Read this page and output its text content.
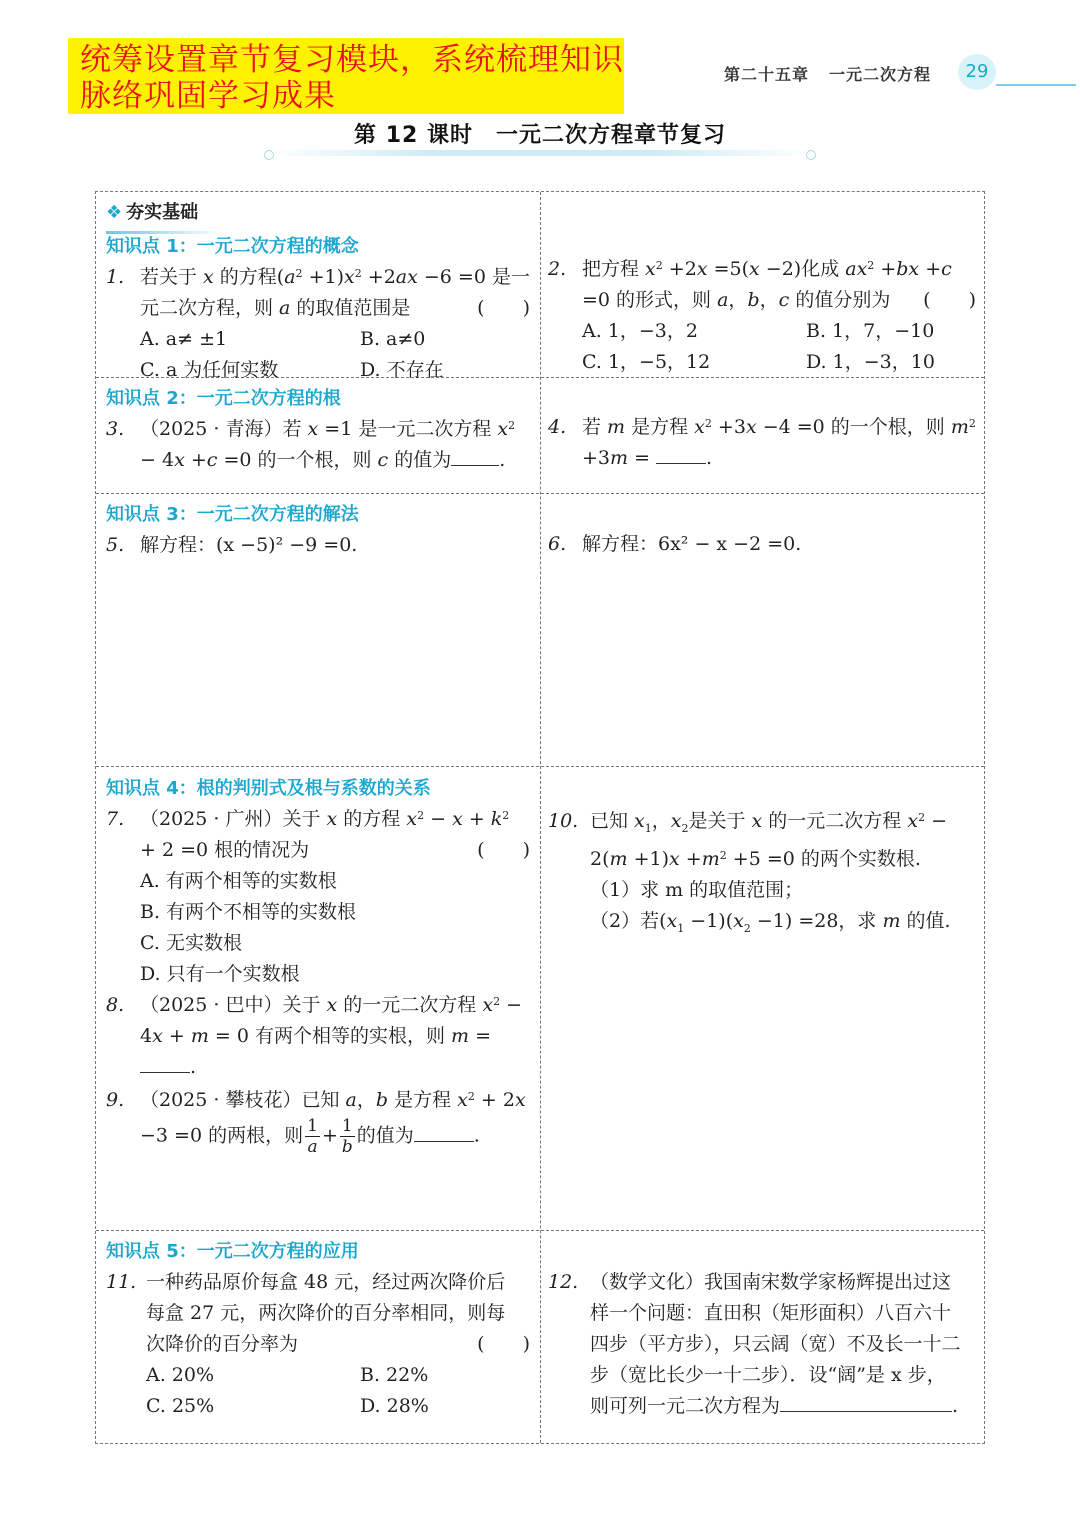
统筹设置章节复习模块，系统梳理知识
脉络巩固学习成果
第二十五章 一元二次方程	29
第 12 课时　一元二次方程章节复习
❖ 夯实基础
知识点 1：一元二次方程的概念
1. 若关于 x 的方程$(a^2 +1)x^2 +2ax -6 =0$ 是一元二次方程，则 a 的取值范围是	(　　)
A. a≠ ±1	B. a≠0
C. a 为任何实数	D. 不存在
2. 把方程 $x^2 +2x =5(x -2)$化成 $ax^2 +bx +c =0$ 的形式，则 a，b，c 的值分别为 (　　)
A. 1，−3，2	B. 1，7，−10
C. 1，−5，12	D. 1，−3，10
知识点 2：一元二次方程的根
3. （2025 · 青海）若 x =1 是一元二次方程 $x^2 - 4x +c =0$ 的一个根，则 c 的值为	.
4. 若 m 是方程 $x^2 +3x -4 =0$ 的一个根，则 $m^2 +3m$ =	.
知识点 3：一元二次方程的解法
5. 解方程：(x −5)² −9 =0.	6. 解方程：6x² − x −2 =0.
知识点 4：根的判别式及根与系数的关系
7. （2025 · 广州）关于 x 的方程 $x^2 - x + k^2 + 2 =0$ 根的情况为	(　　)
A. 有两个相等的实数根
B. 有两个不相等的实数根
C. 无实数根
D. 只有一个实数根
8. （2025 · 巴中）关于 x 的一元二次方程 $x^2 - 4x + m = 0$ 有两个相等的实根，则 m = .
9. （2025 · 攀枝花）已知 a，b 是方程 $x^2 + 2x -3 =0$ 的两根，则 $\frac{1}{a} + \frac{1}{b}$ 的值为	.
10. 已知 $x_1$，$x_2$是关于 x 的一元二次方程 $x^2 - 2(m +1)x +m^2 +5 =0$ 的两个实数根.
（1）求 m 的取值范围；
（2）若$(x_1 -1)(x_2 -1) =28$，求 m 的值.
知识点 5：一元二次方程的应用
11. 一种药品原价每盒 48 元，经过两次降价后
每盒 27 元，两次降价的百分率相同，则每
次降价的百分率为	(　　)
A. 20%	B. 22%
C. 25%	D. 28%
12. （数学文化）我国南宋数学家杨辉提出过这
样一个问题：直田积（矩形面积）八百六十
四步（平方步），只云阔（宽）不及长一十二
步（宽比长少一十二步）．设“阔”是 x 步，
则可列一元二次方程为	.
